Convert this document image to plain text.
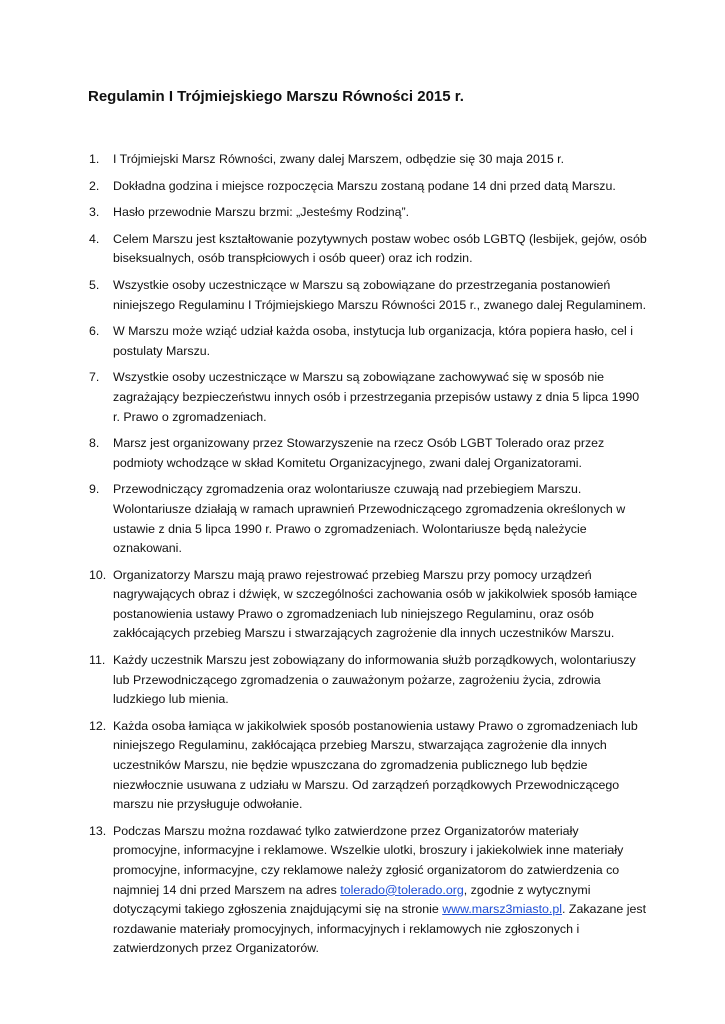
Regulamin I Trójmiejskiego Marszu Równości 2015 r.
1. I Trójmiejski Marsz Równości, zwany dalej Marszem, odbędzie się 30 maja 2015 r.
2. Dokładna godzina i miejsce rozpoczęcia Marszu zostaną podane 14 dni przed datą Marszu.
3. Hasło przewodnie Marszu brzmi: „Jesteśmy Rodziną”.
4. Celem Marszu jest kształtowanie pozytywnych postaw wobec osób LGBTQ (lesbijek, gejów, osób biseksualnych, osób transpłciowych i osób queer) oraz ich rodzin.
5. Wszystkie osoby uczestniczące w Marszu są zobowiązane do przestrzegania postanowień niniejszego Regulaminu I Trójmiejskiego Marszu Równości 2015 r., zwanego dalej Regulaminem.
6. W Marszu może wziąć udział każda osoba, instytucja lub organizacja, która popiera hasło, cel i postulaty Marszu.
7. Wszystkie osoby uczestniczące w Marszu są zobowiązane zachowywać się w sposób nie zagrażający bezpieczeństwu innych osób i przestrzegania przepisów ustawy z dnia 5 lipca 1990 r. Prawo o zgromadzeniach.
8. Marsz jest organizowany przez Stowarzyszenie na rzecz Osób LGBT Tolerado oraz przez podmioty wchodzące w skład Komitetu Organizacyjnego, zwani dalej Organizatorami.
9. Przewodniczący zgromadzenia oraz wolontariusze czuwają nad przebiegiem Marszu. Wolontariusze działają w ramach uprawnień Przewodniczącego zgromadzenia określonych w ustawie z dnia 5 lipca 1990 r. Prawo o zgromadzeniach. Wolontariusze będą należycie oznakowani.
10. Organizatorzy Marszu mają prawo rejestrować przebieg Marszu przy pomocy urządzeń nagrywających obraz i dźwięk, w szczególności zachowania osób w jakikolwiek sposób łamiące postanowienia ustawy Prawo o zgromadzeniach lub niniejszego Regulaminu, oraz osób zakłócających przebieg Marszu i stwarzających zagrożenie dla innych uczestników Marszu.
11. Każdy uczestnik Marszu jest zobowiązany do informowania służb porządkowych, wolontariuszy lub Przewodniczącego zgromadzenia o zauważonym pożarze, zagrożeniu życia, zdrowia ludzkiego lub mienia.
12. Każda osoba łamiąca w jakikolwiek sposób postanowienia ustawy Prawo o zgromadzeniach lub niniejszego Regulaminu, zakłócająca przebieg Marszu, stwarzająca zagrożenie dla innych uczestników Marszu, nie będzie wpuszczana do zgromadzenia publicznego lub będzie niezwłocznie usuwana z udziału w Marszu. Od zarządzeń porządkowych Przewodniczącego marszu nie przysługuje odwołanie.
13. Podczas Marszu można rozdawać tylko zatwierdzone przez Organizatorów materiały promocyjne, informacyjne i reklamowe. Wszelkie ulotki, broszury i jakiekolwiek inne materiały promocyjne, informacyjne, czy reklamowe należy zgłosić organizatorom do zatwierdzenia co najmniej 14 dni przed Marszem na adres tolerado@tolerado.org, zgodnie z wytycznymi dotyczącymi takiego zgłoszenia znajdującymi się na stronie www.marsz3miasto.pl. Zakazane jest rozdawanie materiały promocyjnych, informacyjnych i reklamowych nie zgłoszonych i zatwierdzonych przez Organizatorów.
